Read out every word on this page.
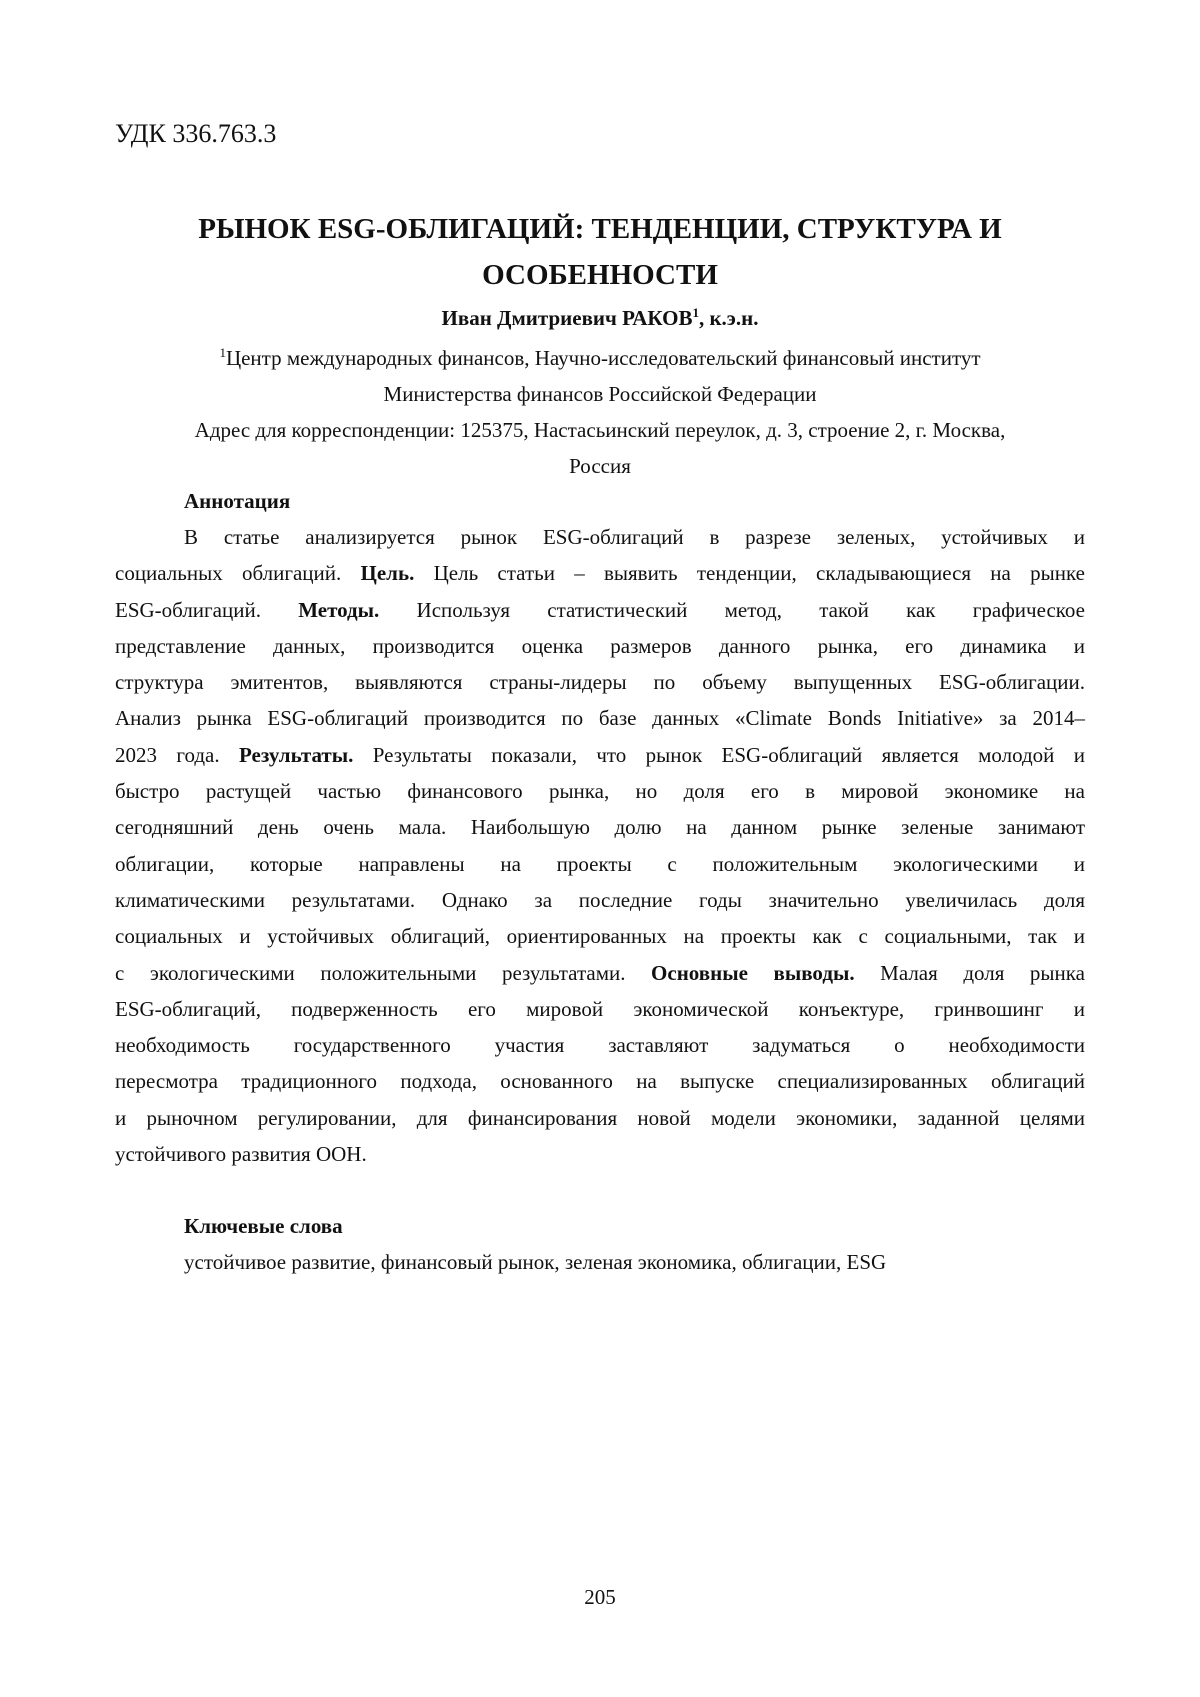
УДК 336.763.3
РЫНОК ESG-ОБЛИГАЦИЙ: ТЕНДЕНЦИИ, СТРУКТУРА И
ОСОБЕННОСТИ
Иван Дмитриевич РАКОВ$^1$, к.э.н.
$^1$Центр международных финансов, Научно-исследовательский финансовый институт
Министерства финансов Российской Федерации
Адрес для корреспонденции: 125375, Настасьинский переулок, д. 3, строение 2, г. Москва,
Россия
Аннотация
В статье анализируется рынок ESG-облигаций в разрезе зеленых, устойчивых и
социальных облигаций. Цель. Цель статьи – выявить тенденции, складывающиеся на рынке
ESG-облигаций. Методы. Используя статистический метод, такой как графическое
представление данных, производится оценка размеров данного рынка, его динамика и
структура эмитентов, выявляются страны-лидеры по объему выпущенных ESG-облигации.
Анализ рынка ESG-облигаций производится по базе данных «Climate Bonds Initiative» за 2014–
2023 года. Результаты. Результаты показали, что рынок ESG-облигаций является молодой и
быстро растущей частью финансового рынка, но доля его в мировой экономике на
сегодняшний день очень мала. Наибольшую долю на данном рынке зеленые занимают
облигации, которые направлены на проекты с положительным экологическими и
климатическими результатами. Однако за последние годы значительно увеличилась доля
социальных и устойчивых облигаций, ориентированных на проекты как с социальными, так и
с экологическими положительными результатами. Основные выводы. Малая доля рынка
ESG-облигаций, подверженность его мировой экономической конъектуре, гринвошинг и
необходимость государственного участия заставляют задуматься о необходимости
пересмотра традиционного подхода, основанного на выпуске специализированных облигаций
и рыночном регулировании, для финансирования новой модели экономики, заданной целями
устойчивого развития ООН.
Ключевые слова
устойчивое развитие, финансовый рынок, зеленая экономика, облигации, ESG
205
